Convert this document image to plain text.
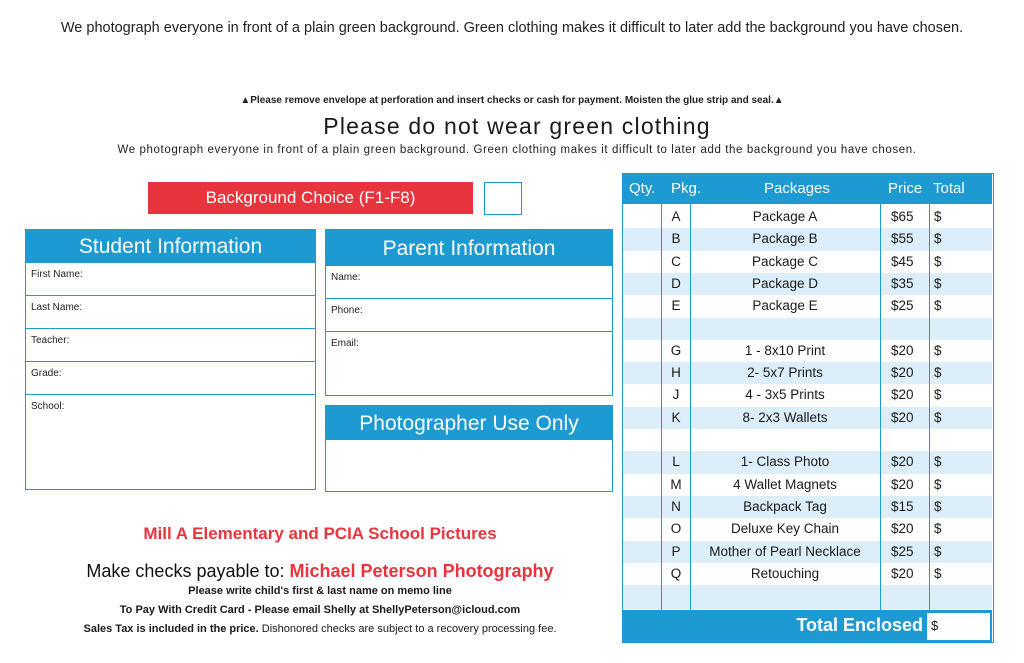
We photograph everyone in front of a plain green background. Green clothing makes it difficult to later add the background you have chosen.
▲Please remove envelope at perforation and insert checks or cash for payment. Moisten the glue strip and seal.▲
Please do not wear green clothing
We photograph everyone in front of a plain green background. Green clothing makes it difficult to later add the background you have chosen.
Background Choice (F1-F8)
Student Information
First Name:
Last Name:
Teacher:
Grade:
School:
Parent Information
Name:
Phone:
Email:
Photographer Use Only
Qty. Pkg.	Packages	Price Total
A	Package A	$65 $
B	Package B	$55 $
C	Package C	$45 $
D	Package D	$35 $
E	Package E	$25 $
G	1 - 8x10 Print	$20 $
H	2- 5x7 Prints	$20 $
J	4 - 3x5 Prints	$20 $
K	8- 2x3 Wallets	$20 $
L	1- Class Photo	$20 $
M	4 Wallet Magnets	$20 $
N	Backpack Tag	$15 $
O	Deluxe Key Chain	$20 $
P	Mother of Pearl Necklace	$25 $
Q	Retouching	$20 $
Total Enclosed $
Mill A Elementary and PCIA School Pictures
Make checks payable to: Michael Peterson Photography
Please write child's first & last name on memo line
To Pay With Credit Card - Please email Shelly at ShellyPeterson@icloud.com
Sales Tax is included in the price. Dishonored checks are subject to a recovery processing fee.
